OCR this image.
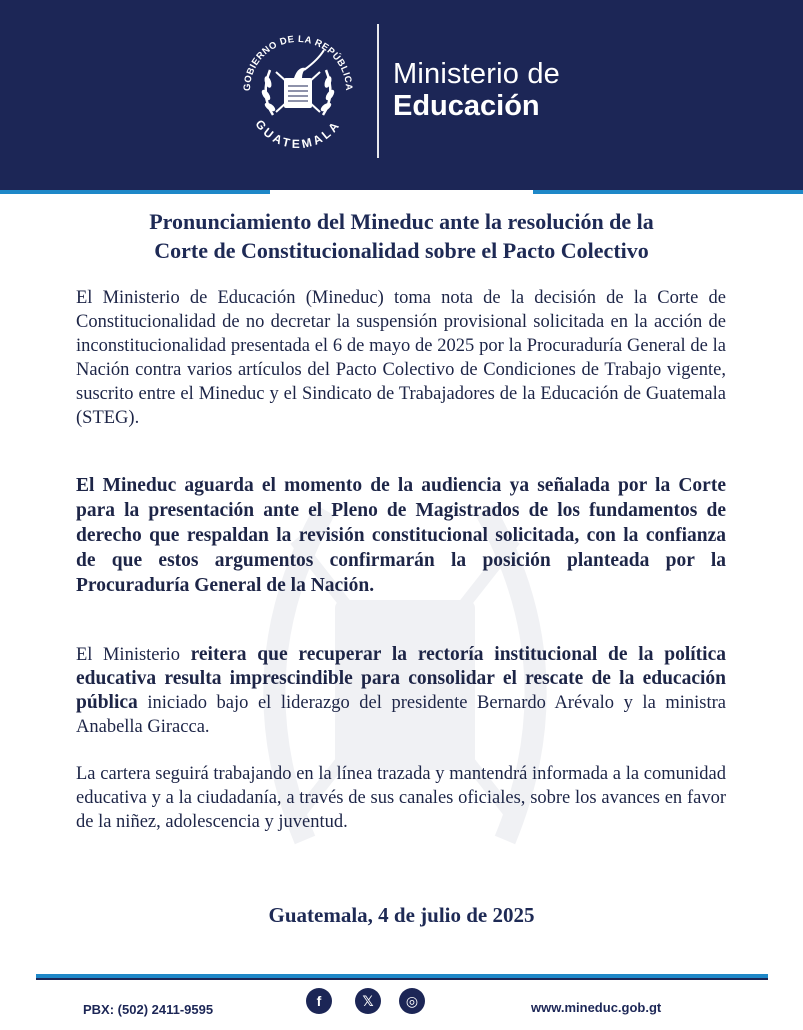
GOBIERNO DE LA REPÚBLICA
GUATEMALA
Ministerio de
Educación
Pronunciamiento del Mineduc ante la resolución de la
Corte de Constitucionalidad sobre el Pacto Colectivo
El Ministerio de Educación (Mineduc) toma nota de la decisión de la Corte de Constitucionalidad de no decretar la suspensión provisional solicitada en la acción de inconstitucionalidad presentada el 6 de mayo de 2025 por la Procuraduría General de la Nación contra varios artículos del Pacto Colectivo de Condiciones de Trabajo vigente, suscrito entre el Mineduc y el Sindicato de Trabajadores de la Educación de Guatemala (STEG).
El Mineduc aguarda el momento de la audiencia ya señalada por la Corte para la presentación ante el Pleno de Magistrados de los fundamentos de derecho que respaldan la revisión constitucional solicitada, con la confianza de que estos argumentos confirmarán la posición planteada por la Procuraduría General de la Nación.
El Ministerio reitera que recuperar la rectoría institucional de la política educativa resulta imprescindible para consolidar el rescate de la educación pública iniciado bajo el liderazgo del presidente Bernardo Arévalo y la ministra Anabella Giracca.
La cartera seguirá trabajando en la línea trazada y mantendrá informada a la comunidad educativa y a la ciudadanía, a través de sus canales oficiales, sobre los avances en favor de la niñez, adolescencia y juventud.
Guatemala, 4 de julio de 2025
PBX: (502) 2411-9595
f	𝕏 ◎	www.mineduc.gob.gt
